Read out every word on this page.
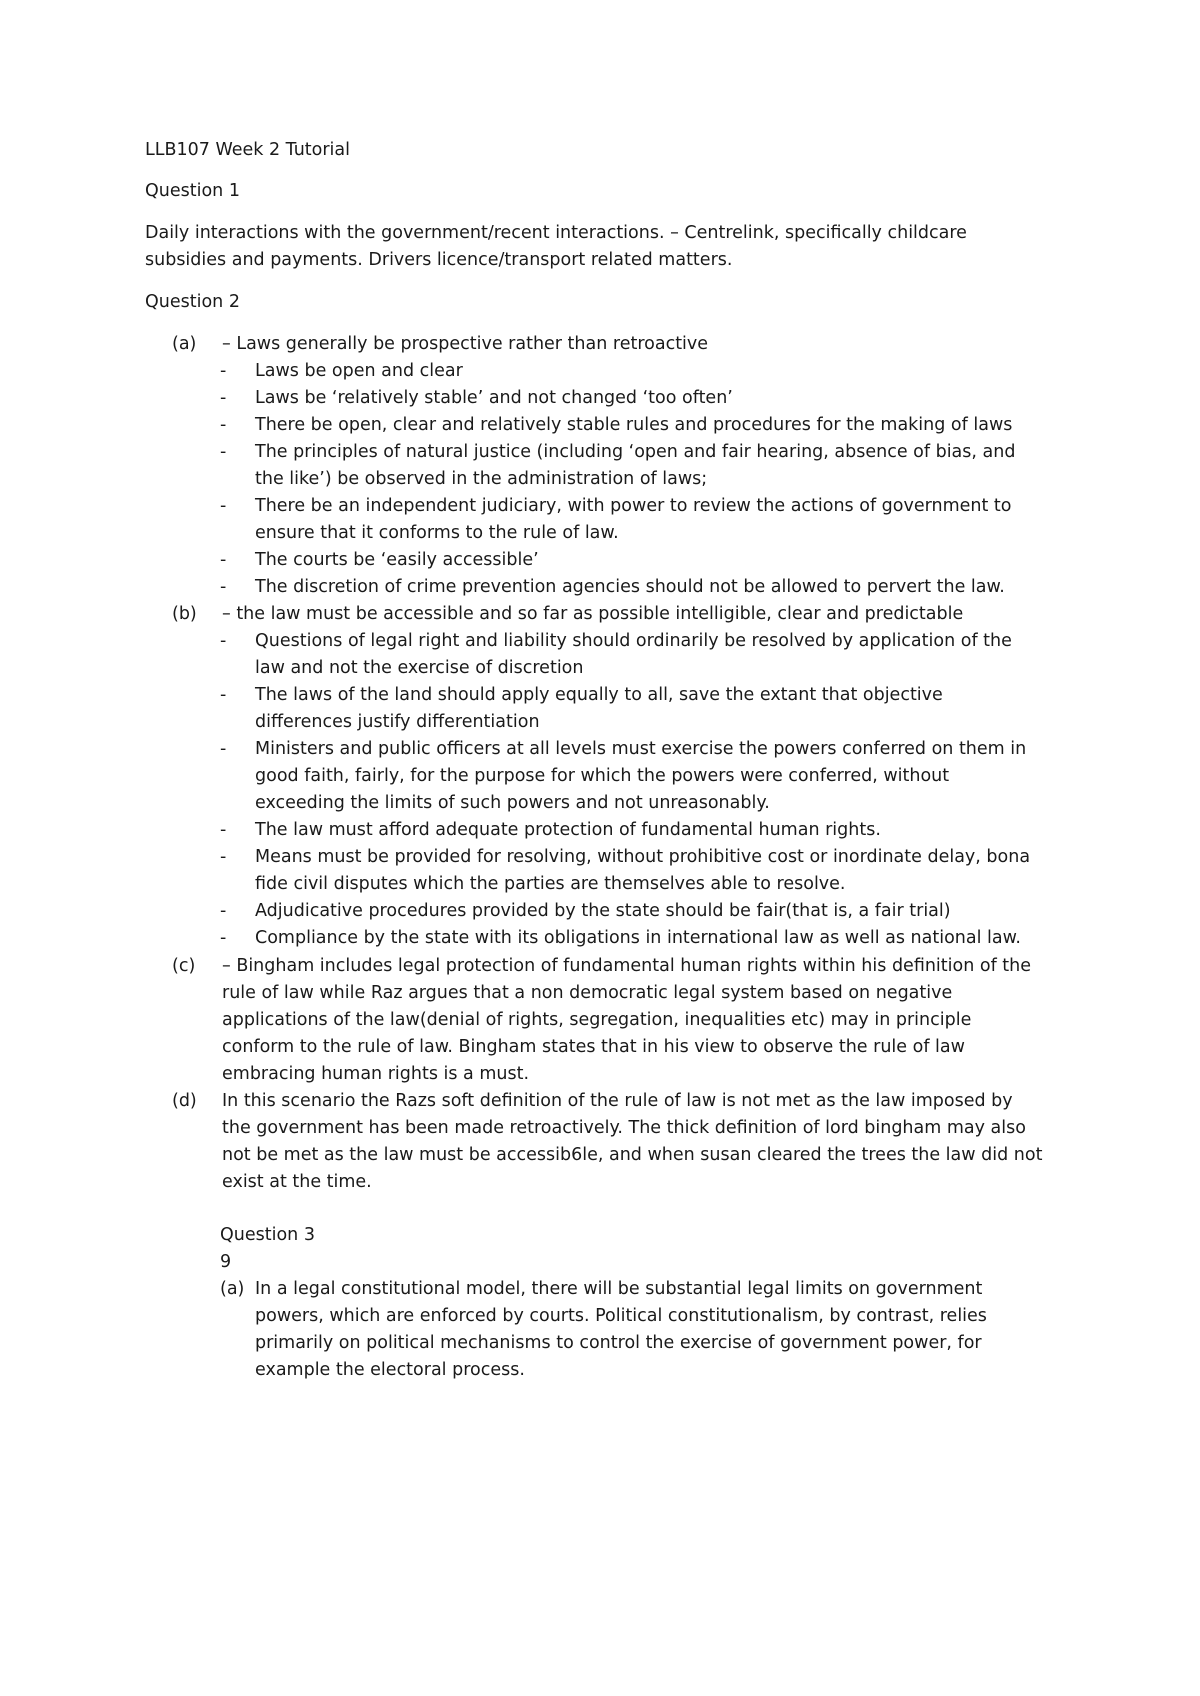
LLB107 Week 2 Tutorial
Question 1
Daily interactions with the government/recent interactions. – Centrelink, specifically childcare
subsidies and payments. Drivers licence/transport related matters.
Question 2
(a) – Laws generally be prospective rather than retroactive
(b) – the law must be accessible and so far as possible intelligible, clear and predictable
(c) – Bingham includes legal protection of fundamental human rights within his definition of the
rule of law while Raz argues that a non democratic legal system based on negative
applications of the law(denial of rights, segregation, inequalities etc) may in principle
conform to the rule of law. Bingham states that in his view to observe the rule of law
embracing human rights is a must.
(d) In this scenario the Razs soft definition of the rule of law is not met as the law imposed by
the government has been made retroactively. The thick definition of lord bingham may also
not be met as the law must be accessib6le, and when susan cleared the trees the law did not
exist at the time.
Question 3
9
(a) In a legal constitutional model, there will be substantial legal limits on government
powers, which are enforced by courts. Political constitutionalism, by contrast, relies
primarily on political mechanisms to control the exercise of government power, for
example the electoral process.
- Laws be open and clear
- Laws be ‘relatively stable’ and not changed ‘too often’
- There be open, clear and relatively stable rules and procedures for the making of laws
- The principles of natural justice (including ‘open and fair hearing, absence of bias, and
the like’) be observed in the administration of laws;
- There be an independent judiciary, with power to review the actions of government to
ensure that it conforms to the rule of law.
- The courts be ‘easily accessible’
- The discretion of crime prevention agencies should not be allowed to pervert the law.
- Questions of legal right and liability should ordinarily be resolved by application of the
law and not the exercise of discretion
- The laws of the land should apply equally to all, save the extant that objective
differences justify differentiation
- Ministers and public officers at all levels must exercise the powers conferred on them in
good faith, fairly, for the purpose for which the powers were conferred, without
exceeding the limits of such powers and not unreasonably.
- The law must afford adequate protection of fundamental human rights.
- Means must be provided for resolving, without prohibitive cost or inordinate delay, bona
fide civil disputes which the parties are themselves able to resolve.
- Adjudicative procedures provided by the state should be fair(that is, a fair trial)
- Compliance by the state with its obligations in international law as well as national law.
